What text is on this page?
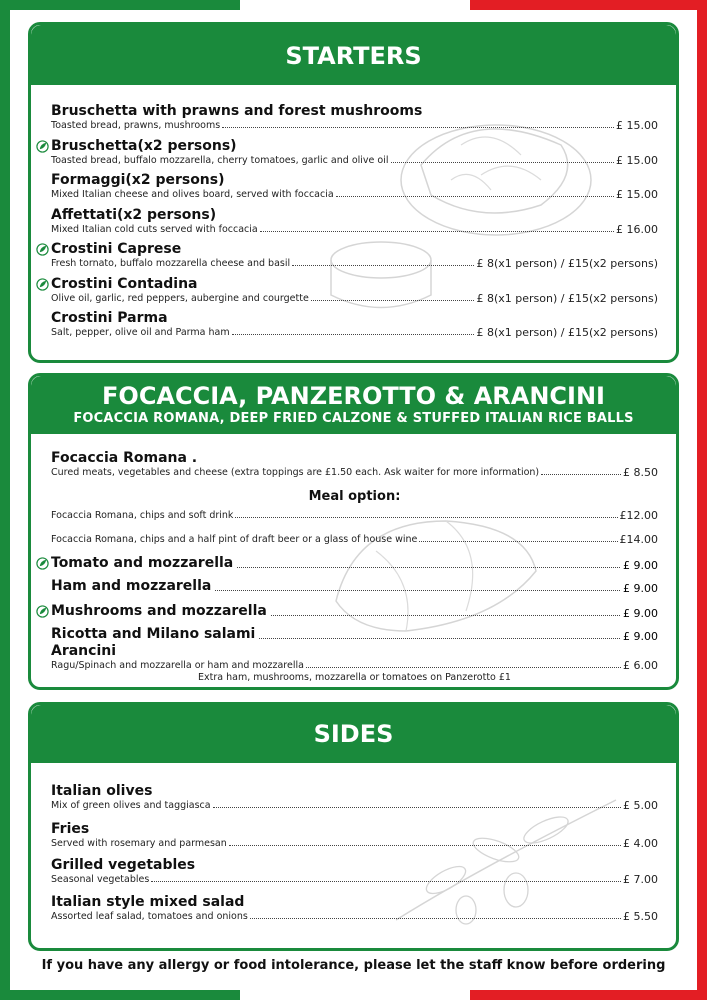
STARTERS
Bruschetta with prawns and forest mushrooms
Toasted bread, prawns, mushrooms	£ 15.00
Bruschetta(x2 persons)
Toasted bread, buffalo mozzarella, cherry tomatoes, garlic and olive oil	£ 15.00
Formaggi(x2 persons)
Mixed Italian cheese and olives board, served with foccacia	£ 15.00
Affettati(x2 persons)
Mixed Italian cold cuts served with foccacia	£ 16.00
Crostini Caprese
Fresh tornato, buffalo mozzarella cheese and basil	£ 8(x1 person) / £15(x2 persons)
Crostini Contadina
Olive oil, garlic, red peppers, aubergine and courgette	£ 8(x1 person) / £15(x2 persons)
Crostini Parma
Salt, pepper, olive oil and Parma ham	£ 8(x1 person) / £15(x2 persons)
FOCACCIA, PANZEROTTO & ARANCINI
FOCACCIA ROMANA, DEEP FRIED CALZONE & STUFFED ITALIAN RICE BALLS
Focaccia Romana .
Cured meats, vegetables and cheese (extra toppings are £1.50 each. Ask waiter for more information)	£ 8.50
Meal option:
Focaccia Romana, chips and soft drink	£12.00
Focaccia Romana, chips and a half pint of draft beer or a glass of house wine	£14.00
Tomato and mozzarella	£ 9.00
Ham and mozzarella	£ 9.00
Mushrooms and mozzarella	£ 9.00
Ricotta and Milano salami	£ 9.00
Arancini
Ragu/Spinach and mozzarella or ham and mozzarella	£ 6.00
Extra ham, mushrooms, mozzarella or tomatoes on Panzerotto £1
SIDES
Italian olives
Mix of green olives and taggiasca	£ 5.00
Fries
Served with rosemary and parmesan	£ 4.00
Grilled vegetables
Seasonal vegetables	£ 7.00
Italian style mixed salad
Assorted leaf salad, tomatoes and onions	£ 5.50
If you have any allergy or food intolerance, please let the staff know before ordering
